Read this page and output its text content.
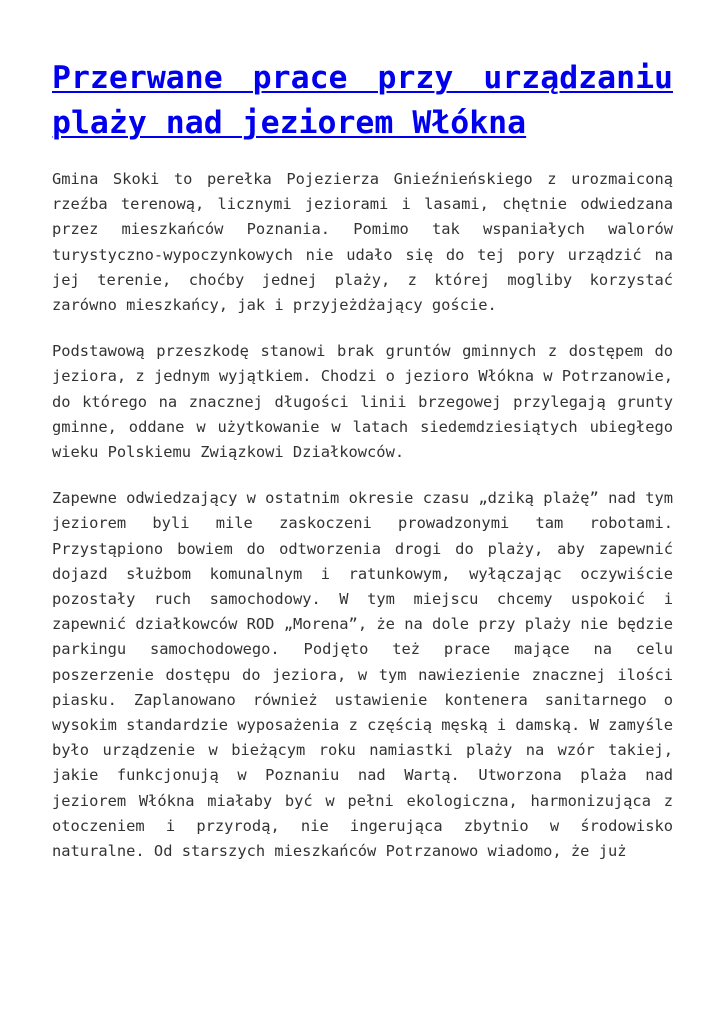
Przerwane prace przy urządzaniu plaży nad jeziorem Włókna

Gmina Skoki to perełka Pojezierza Gnieźnieńskiego z urozmaiconą rzeźba terenową, licznymi jeziorami i lasami, chętnie odwiedzana przez mieszkańców Poznania. Pomimo tak wspaniałych walorów turystyczno-wypoczynkowych nie udało się do tej pory urządzić na jej terenie, choćby jednej plaży, z której mogliby korzystać zarówno mieszkańcy, jak i przyjeżdżający goście.

Podstawową przeszkodę stanowi brak gruntów gminnych z dostępem do jeziora, z jednym wyjątkiem. Chodzi o jezioro Włókna w Potrzanowie, do którego na znacznej długości linii brzegowej przylegają grunty gminne, oddane w użytkowanie w latach siedemdziesiątych ubiegłego wieku Polskiemu Związkowi Działkowców.

Zapewne odwiedzający w ostatnim okresie czasu „dziką plażę” nad tym jeziorem byli mile zaskoczeni prowadzonymi tam robotami. Przystąpiono bowiem do odtworzenia drogi do plaży, aby zapewnić dojazd służbom komunalnym i ratunkowym, wyłączając oczywiście pozostały ruch samochodowy. W tym miejscu chcemy uspokoić i zapewnić działkowców ROD „Morena”, że na dole przy plaży nie będzie parkingu samochodowego. Podjęto też prace mające na celu poszerzenie dostępu do jeziora, w tym nawiezienie znacznej ilości piasku. Zaplanowano również ustawienie kontenera sanitarnego o wysokim standardzie wyposażenia z częścią męską i damską. W zamyśle było urządzenie w bieżącym roku namiastki plaży na wzór takiej, jakie funkcjonują w Poznaniu nad Wartą. Utworzona plaża nad jeziorem Włókna miałaby być w pełni ekologiczna, harmonizująca z otoczeniem i przyrodą, nie ingerująca zbytnio w środowisko naturalne. Od starszych mieszkańców Potrzanowo wiadomo, że już
